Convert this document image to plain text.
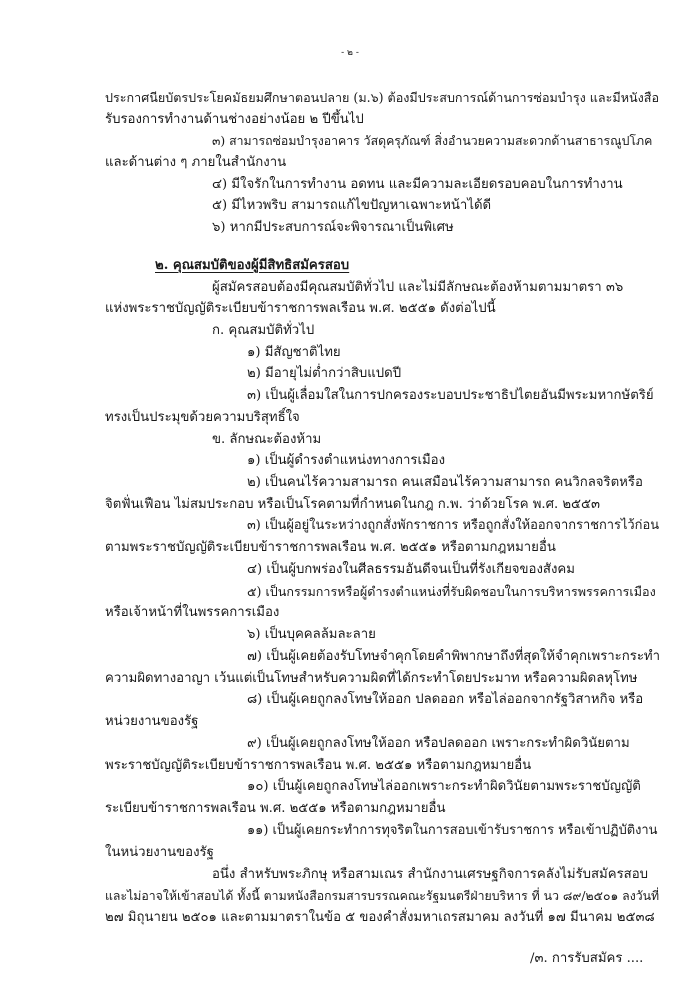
- ๒ -
ประกาศนียบัตรประโยคมัธยมศึกษาตอนปลาย (ม.๖) ต้องมีประสบการณ์ด้านการซ่อมบำรุง และมีหนังสือ
รับรองการทำงานด้านช่างอย่างน้อย ๒ ปีขึ้นไป
๓) สามารถซ่อมบำรุงอาคาร วัสดุครุภัณฑ์ สิ่งอำนวยความสะดวกด้านสาธารณูปโภค
และด้านต่าง ๆ ภายในสำนักงาน
๔) มีใจรักในการทำงาน อดทน และมีความละเอียดรอบคอบในการทำงาน
๕) มีไหวพริบ สามารถแก้ไขปัญหาเฉพาะหน้าได้ดี
๖) หากมีประสบการณ์จะพิจารณาเป็นพิเศษ
๒. คุณสมบัติของผู้มีสิทธิสมัครสอบ
ผู้สมัครสอบต้องมีคุณสมบัติทั่วไป และไม่มีลักษณะต้องห้ามตามมาตรา ๓๖
แห่งพระราชบัญญัติระเบียบข้าราชการพลเรือน พ.ศ. ๒๕๕๑ ดังต่อไปนี้
ก. คุณสมบัติทั่วไป
๑) มีสัญชาติไทย
๒) มีอายุไม่ต่ำกว่าสิบแปดปี
๓) เป็นผู้เลื่อมใสในการปกครองระบอบประชาธิปไตยอันมีพระมหากษัตริย์
ทรงเป็นประมุขด้วยความบริสุทธิ์ใจ
ข. ลักษณะต้องห้าม
๑) เป็นผู้ดำรงตำแหน่งทางการเมือง
๒) เป็นคนไร้ความสามารถ คนเสมือนไร้ความสามารถ คนวิกลจริตหรือ
จิตฟั่นเฟือน ไม่สมประกอบ หรือเป็นโรคตามที่กำหนดในกฎ ก.พ. ว่าด้วยโรค พ.ศ. ๒๕๕๓
๓) เป็นผู้อยู่ในระหว่างถูกสั่งพักราชการ หรือถูกสั่งให้ออกจากราชการไว้ก่อน
ตามพระราชบัญญัติระเบียบข้าราชการพลเรือน พ.ศ. ๒๕๕๑ หรือตามกฎหมายอื่น
๔) เป็นผู้บกพร่องในศีลธรรมอันดีจนเป็นที่รังเกียจของสังคม
๕) เป็นกรรมการหรือผู้ดำรงตำแหน่งที่รับผิดชอบในการบริหารพรรคการเมือง
หรือเจ้าหน้าที่ในพรรคการเมือง
๖) เป็นบุคคลล้มละลาย
๗) เป็นผู้เคยต้องรับโทษจำคุกโดยคำพิพากษาถึงที่สุดให้จำคุกเพราะกระทำ
ความผิดทางอาญา เว้นแต่เป็นโทษสำหรับความผิดที่ได้กระทำโดยประมาท หรือความผิดลหุโทษ
๘) เป็นผู้เคยถูกลงโทษให้ออก ปลดออก หรือไล่ออกจากรัฐวิสาหกิจ หรือ
หน่วยงานของรัฐ
๙) เป็นผู้เคยถูกลงโทษให้ออก หรือปลดออก เพราะกระทำผิดวินัยตาม
พระราชบัญญัติระเบียบข้าราชการพลเรือน พ.ศ. ๒๕๕๑ หรือตามกฎหมายอื่น
๑๐) เป็นผู้เคยถูกลงโทษไล่ออกเพราะกระทำผิดวินัยตามพระราชบัญญัติ
ระเบียบข้าราชการพลเรือน พ.ศ. ๒๕๕๑ หรือตามกฎหมายอื่น
๑๑) เป็นผู้เคยกระทำการทุจริตในการสอบเข้ารับราชการ หรือเข้าปฏิบัติงาน
ในหน่วยงานของรัฐ
อนึ่ง สำหรับพระภิกษุ หรือสามเณร สำนักงานเศรษฐกิจการคลังไม่รับสมัครสอบ
และไม่อาจให้เข้าสอบได้ ทั้งนี้ ตามหนังสือกรมสารบรรณคณะรัฐมนตรีฝ่ายบริหาร ที่ นว ๘๙/๒๕๐๑ ลงวันที่
๒๗ มิถุนายน ๒๕๐๑ และตามมาตราในข้อ ๕ ของคำสั่งมหาเถรสมาคม ลงวันที่ ๑๗ มีนาคม ๒๕๓๘
/๓. การรับสมัคร ....
